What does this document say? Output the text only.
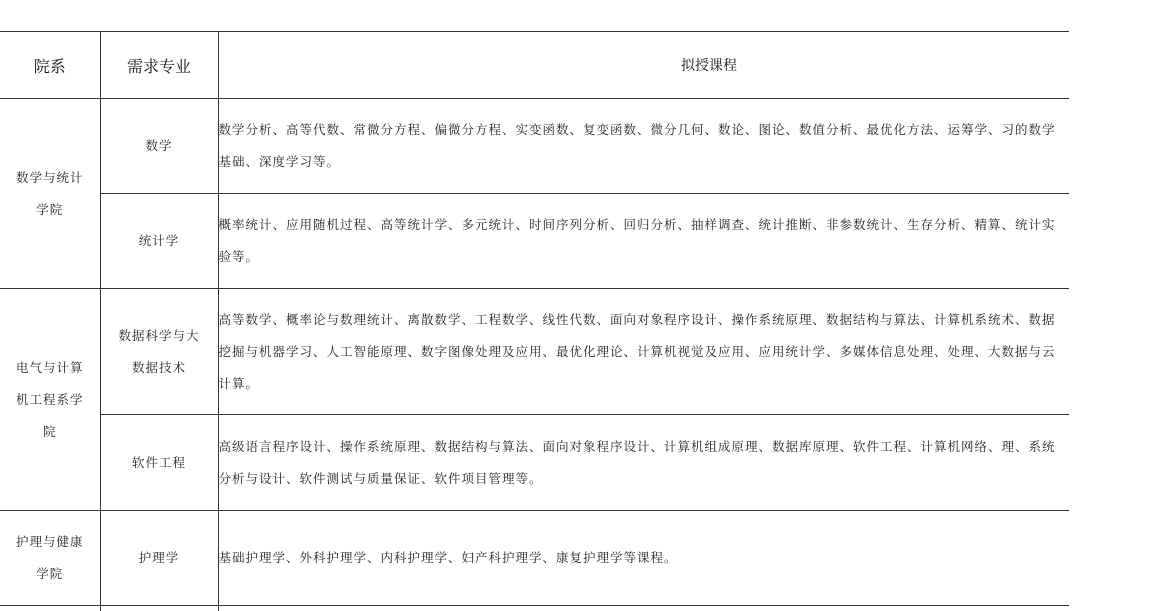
院系	需求专业	拟授课程
数学与统计学院	数学	数学分析、高等代数、常微分方程、偏微分方程、实变函数、复变函数、微分几何、数论、图论、数值分析、最优化方法、运筹学、习的数学基础、深度学习等。

	统计学	概率统计、应用随机过程、高等统计学、多元统计、时间序列分析、回归分析、抽样调查、统计推断、非参数统计、生存分析、精算、统计实验等。

电气与计算机工程系学院	数据科学与大数据技术	高等数学、概率论与数理统计、离散数学、工程数学、线性代数、面向对象程序设计、操作系统原理、数据结构与算法、计算机系统术、数据挖掘与机器学习、人工智能原理、数字图像处理及应用、最优化理论、计算机视觉及应用、应用统计学、多媒体信息处理、处理、大数据与云计算。

	软件工程	高级语言程序设计、操作系统原理、数据结构与算法、面向对象程序设计、计算机组成原理、数据库原理、软件工程、计算机网络、理、系统分析与设计、软件测试与质量保证、软件项目管理等。

护理与健康学院	护理学	基础护理学、外科护理学、内科护理学、妇产科护理学、康复护理学等课程。
